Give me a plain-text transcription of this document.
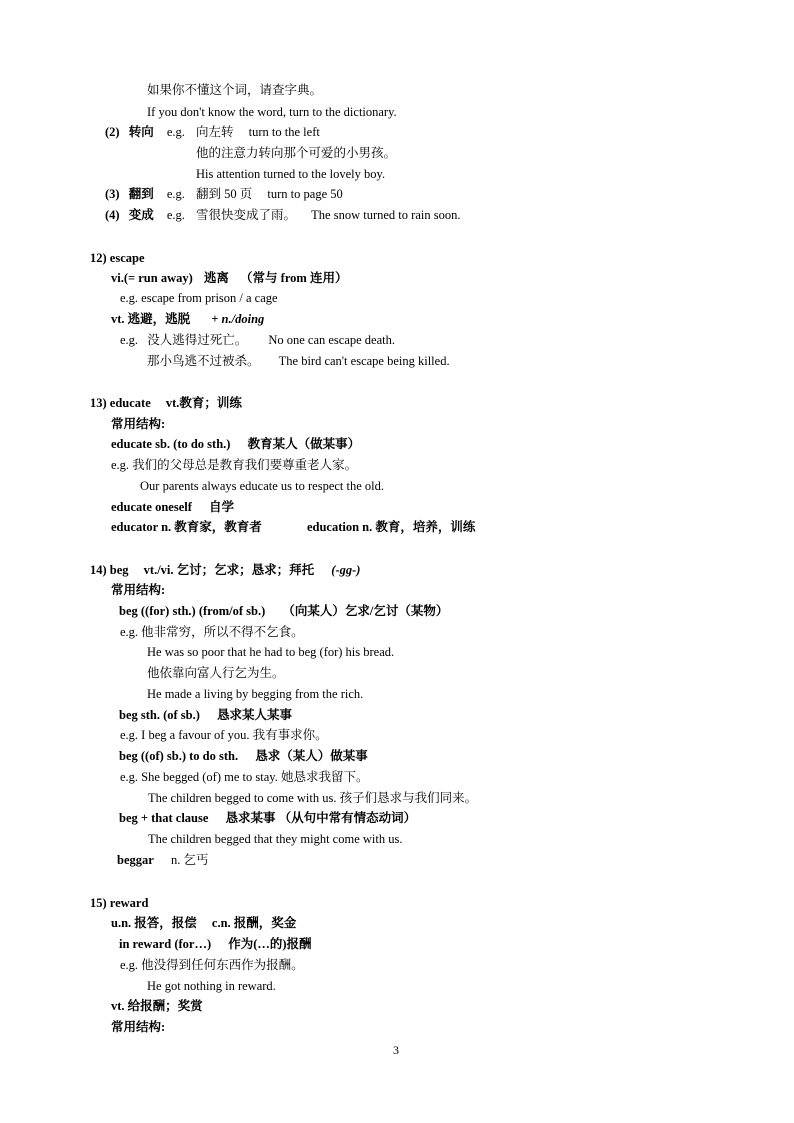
如果你不懂这个词，请查字典。
If you don't know the word, turn to the dictionary.
(2) 转向 e.g. 向左转 turn to the left
他的注意力转向那个可爱的小男孩。
His attention turned to the lovely boy.
(3) 翻到 e.g. 翻到 50 页 turn to page 50
(4) 变成 e.g. 雪很快变成了雨。 The snow turned to rain soon.
12) escape
vi.(= run away) 逃离 （常与 from 连用）
e.g. escape from prison / a cage
vt. 逃避，逃脱 + n./doing
e.g. 没人逃得过死亡。 No one can escape death.
那小鸟逃不过被杀。 The bird can't escape being killed.
13) educate vt.教育；训练
常用结构:
educate sb. (to do sth.) 教育某人（做某事）
e.g. 我们的父母总是教育我们要尊重老人家。
Our parents always educate us to respect the old.
educate oneself 自学
educator n. 教育家，教育者	education n. 教育，培养，训练
14) beg vt./vi. 乞讨；乞求；恳求；拜托 (-gg-)
常用结构:
beg ((for) sth.) (from/of sb.) （向某人）乞求/乞讨（某物）
e.g. 他非常穷，所以不得不乞食。
He was so poor that he had to beg (for) his bread.
他依靠向富人行乞为生。
He made a living by begging from the rich.
beg sth. (of sb.) 恳求某人某事
e.g. I beg a favour of you. 我有事求你。
beg ((of) sb.) to do sth. 恳求（某人）做某事
e.g. She begged (of) me to stay. 她恳求我留下。
The children begged to come with us. 孩子们恳求与我们同来。
beg + that clause 恳求某事 （从句中常有情态动词）
The children begged that they might come with us.
beggar n. 乞丐
15) reward
u.n. 报答，报偿 c.n. 报酬，奖金
in reward (for…) 作为(…的)报酬
e.g. 他没得到任何东西作为报酬。
He got nothing in reward.
vt. 给报酬；奖赏
常用结构:
3
